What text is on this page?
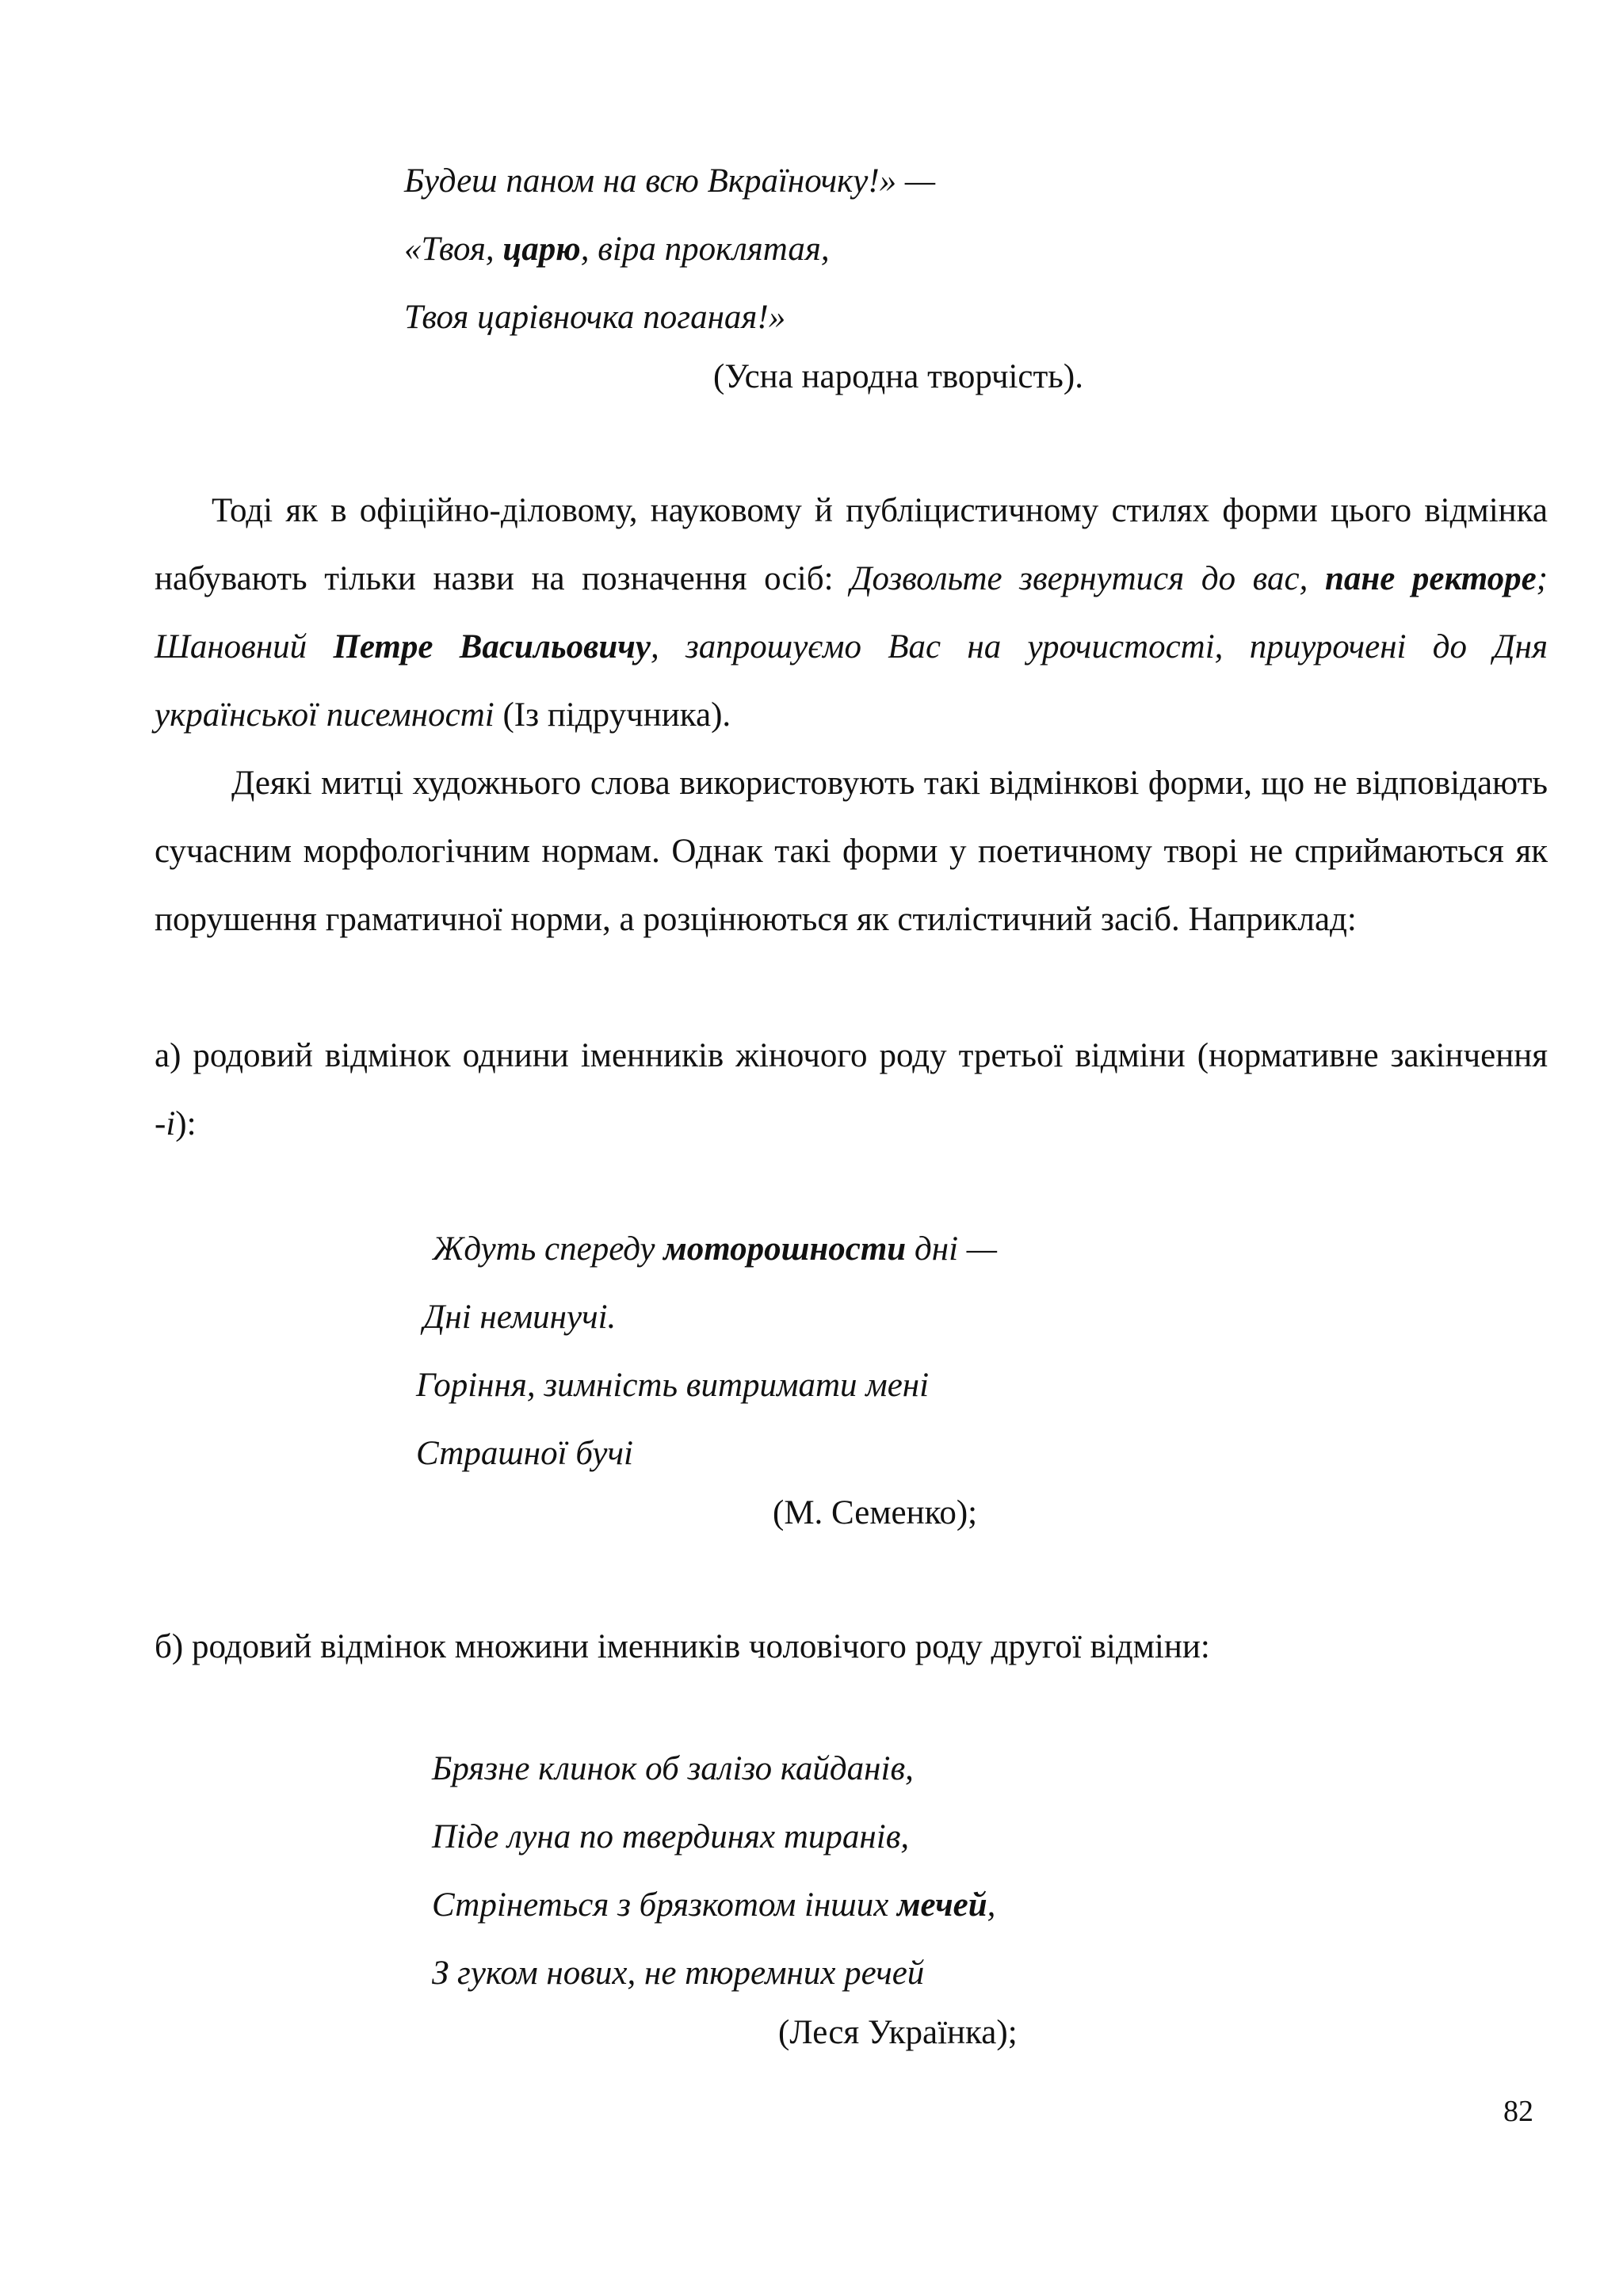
Будеш паном на всю Вкраїночку!» —
«Твоя, царю, віра проклятая,
Твоя царівночка поганая!»
(Усна народна творчість).

Тоді як в офіційно-діловому, науковому й публіцистичному стилях форми цього відмінка набувають тільки назви на позначення осіб: Дозвольте звернутися до вас, пане ректоре; Шановний Петре Васильовичу, запрошуємо Вас на урочистості, приурочені до Дня української писемності (Із підручника).

Деякі митці художнього слова використовують такі відмінкові форми, що не відповідають сучасним морфологічним нормам. Однак такі форми у поетичному творі не сприймаються як порушення граматичної норми, а розцінюються як стилістичний засіб. Наприклад:

а) родовий відмінок однини іменників жіночого роду третьої відміни (нормативне закінчення -і):

Ждуть спереду моторошности дні —
Дні неминучі.
Горіння, зимність витримати мені
Страшної бучі
(М. Семенко);

б) родовий відмінок множини іменників чоловічого роду другої відміни:

Брязне клинок об залізо кайданів,
Піде луна по твердинях тиранів,
Стрінеться з брязкотом інших мечей,
З гуком нових, не тюремних речей
(Леся Українка);
82
